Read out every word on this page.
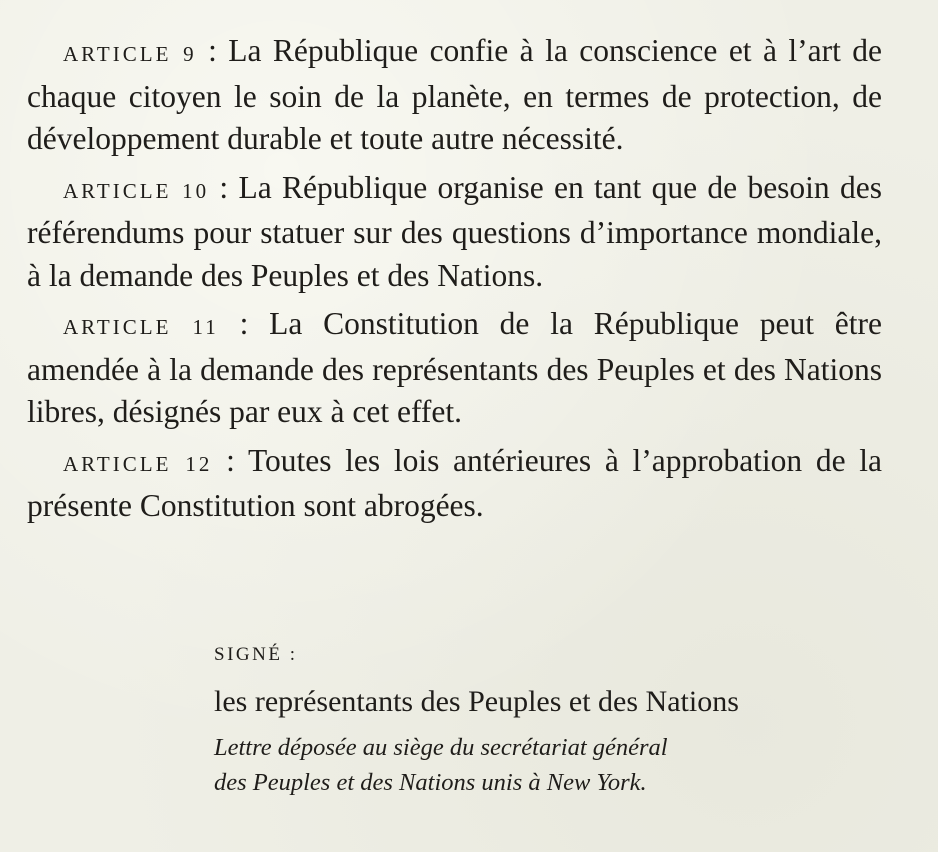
ARTICLE 9 : La République confie à la conscience et à l’art de chaque citoyen le soin de la planète, en termes de protection, de développement durable et toute autre nécessité.

ARTICLE 10 : La République organise en tant que de besoin des référendums pour statuer sur des questions d’importance mondiale, à la demande des Peuples et des Nations.

ARTICLE 11 : La Constitution de la République peut être amendée à la demande des représentants des Peuples et des Nations libres, désignés par eux à cet effet.

ARTICLE 12 : Toutes les lois antérieures à l’approbation de la présente Constitution sont abrogées.

SIGNÉ :

les représentants des Peuples et des Nations

Lettre déposée au siège du secrétariat général

des Peuples et des Nations unis à New York.
